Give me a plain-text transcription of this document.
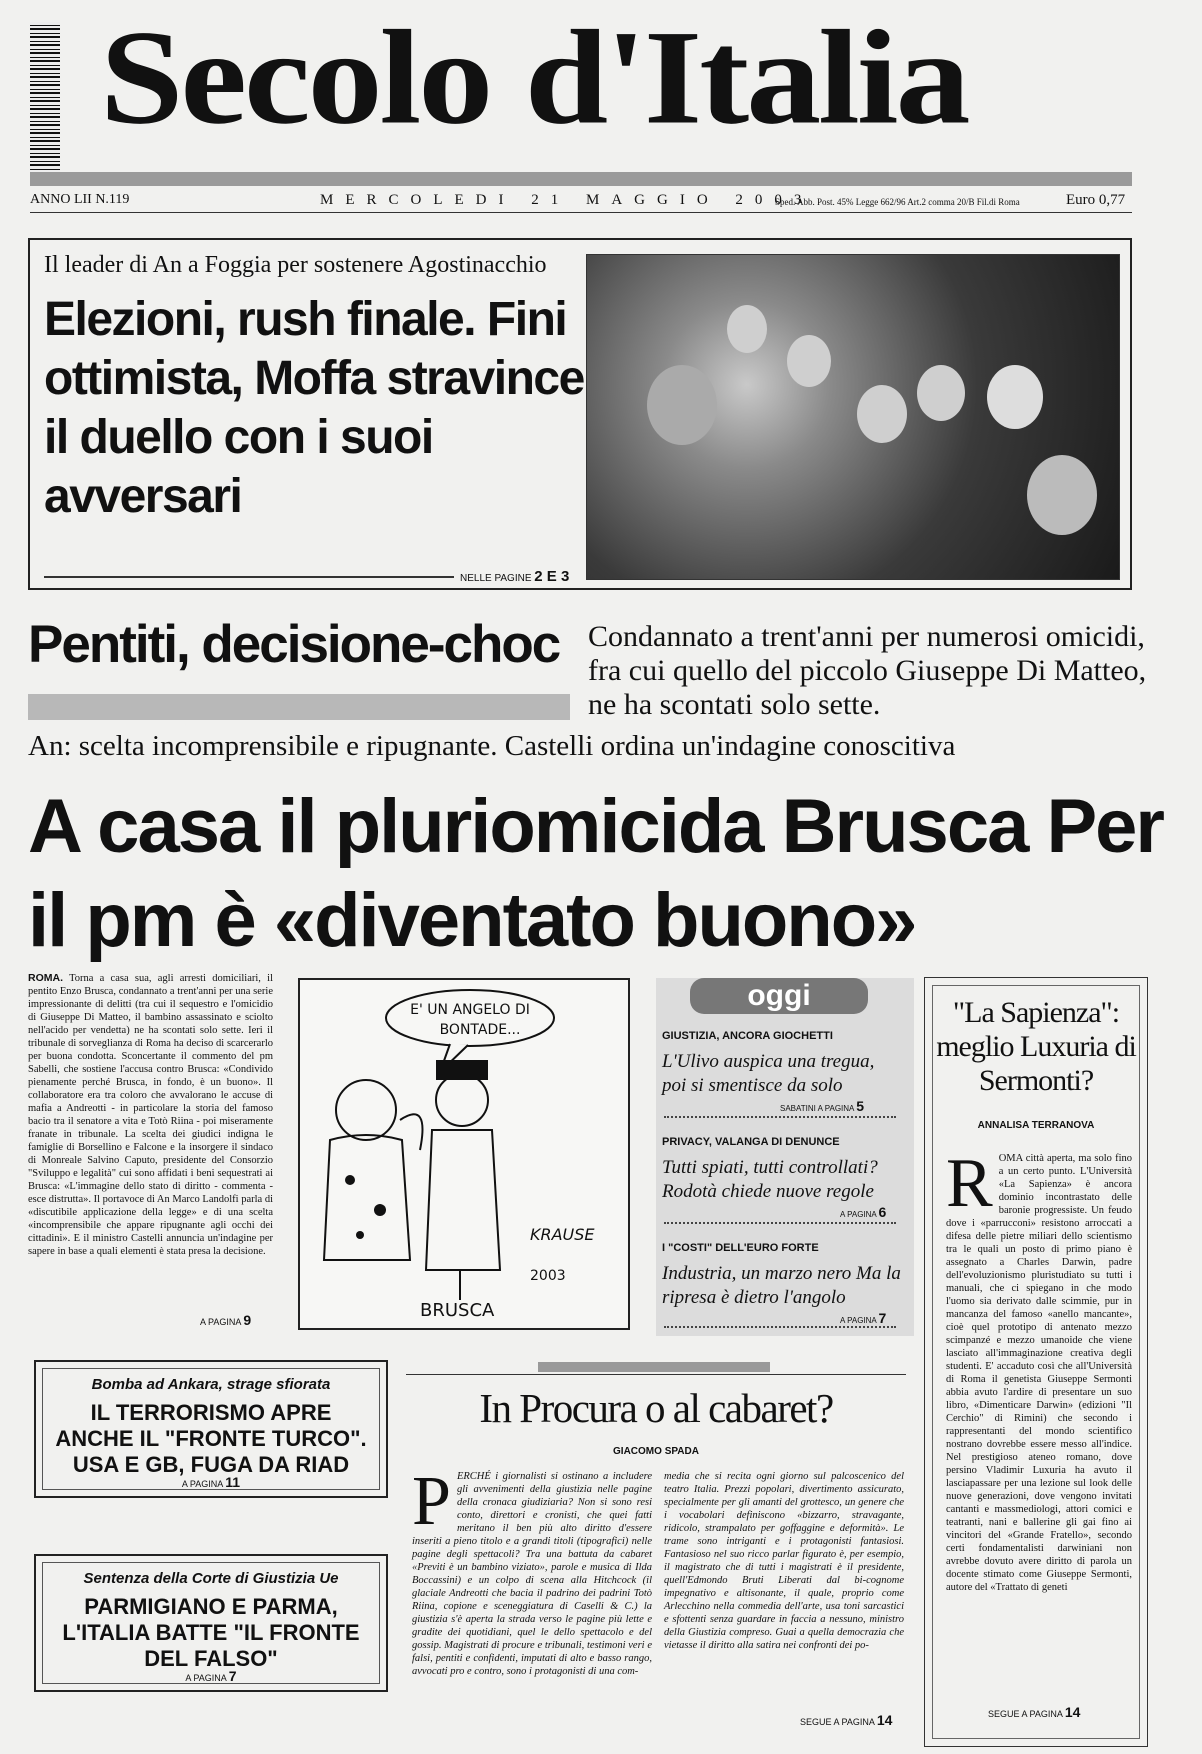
Secolo d'Italia
ANNO LII N.119	MERCOLEDI 21 MAGGIO 2003
Sped. Abb. Post. 45% Legge 662/96 Art.2 comma 20/B Fil.di Roma	Euro 0,77
Il leader di An a Foggia per sostenere Agostinacchio
Elezioni, rush finale. Fini ottimista, Moffa stravince il duello con i suoi avversari
NELLE PAGINE 2 E 3
Pentiti, decisione-choc Condannato a trent'anni per numerosi omicidi, fra cui quello del piccolo Giuseppe Di Matteo, ne ha scontati solo sette.
An: scelta incomprensibile e ripugnante. Castelli ordina un'indagine conoscitiva
A casa il pluriomicida Brusca Per il pm è «diventato buono»
ROMA. Torna a casa sua, agli arresti domiciliari, il pentito Enzo Brusca, condannato a trent'anni per una serie impressionante di delitti (tra cui il sequestro e l'omicidio di Giuseppe Di Matteo, il bambino assassinato e sciolto nell'acido per vendetta) ne ha scontati solo sette. Ieri il tribunale di sorveglianza di Roma ha deciso di scarcerarlo per buona condotta. Sconcertante il commento del pm Sabelli, che sostiene l'accusa contro Brusca: «Condivido pienamente perché Brusca, in fondo, è un buono». Il collaboratore era tra coloro che avvalorano le accuse di mafia a Andreotti - in particolare la storia del famoso bacio tra il senatore a vita e Totò Riina - poi miseramente franate in tribunale. La scelta dei giudici indigna le famiglie di Borsellino e Falcone e la insorgere il sindaco di Monreale Salvino Caputo, presidente del Consorzio "Sviluppo e legalità" cui sono affidati i beni sequestrati ai Brusca: «L'immagine dello stato di diritto - commenta - esce distrutta». Il portavoce di An Marco Landolfi parla di «discutibile applicazione della legge» e di una scelta «incomprensibile che appare ripugnante agli occhi dei cittadini». E il ministro Castelli annuncia un'indagine per sapere in base a quali elementi è stata presa la decisione.
A PAGINA 9
E' UN ANGELO DI
BONTADE...
KRAUSE
2003
BRUSCA
oggi
GIUSTIZIA, ANCORA GIOCHETTI
L'Ulivo auspica una tregua, poi si smentisce da solo
SABATINI A PAGINA 5
PRIVACY, VALANGA DI DENUNCE
Tutti spiati, tutti controllati? Rodotà chiede nuove regole
A PAGINA 6
I "COSTI" DELL'EURO FORTE
Industria, un marzo nero Ma la ripresa è dietro l'angolo
A PAGINA 7
"La Sapienza": meglio Luxuria di Sermonti?
ANNALISA TERRANOVA
ROMA città aperta, ma solo fino a un certo punto. L'Università «La Sapienza» è ancora dominio incontrastato delle baronie progressiste. Un feudo dove i «parrucconi» resistono arroccati a difesa delle pietre miliari dello scientismo tra le quali un posto di primo piano è assegnato a Charles Darwin, padre dell'evoluzionismo pluristudiato su tutti i manuali, che ci spiegano in che modo l'uomo sia derivato dalle scimmie, pur in mancanza del famoso «anello mancante», cioè quel prototipo di antenato mezzo scimpanzé e mezzo umanoide che viene lasciato all'immaginazione creativa degli studenti. E' accaduto così che all'Università di Roma il genetista Giuseppe Sermonti abbia avuto l'ardire di presentare un suo libro, «Dimenticare Darwin» (edizioni "Il Cerchio" di Rimini) che secondo i rappresentanti del mondo scientifico nostrano dovrebbe essere messo all'indice. Nel prestigioso ateneo romano, dove persino Vladimir Luxuria ha avuto il lasciapassare per una lezione sul look delle nuove generazioni, dove vengono invitati cantanti e massmediologi, attori comici e teatranti, nani e ballerine gli gai fino ai vincitori del «Grande Fratello», secondo certi fondamentalisti darwiniani non avrebbe dovuto avere diritto di parola un docente stimato come Giuseppe Sermonti, autore del «Trattato di geneti
SEGUE A PAGINA 14
Bomba ad Ankara, strage sfiorata
IL TERRORISMO APRE ANCHE IL "FRONTE TURCO". USA E GB, FUGA DA RIAD
A PAGINA 11
Sentenza della Corte di Giustizia Ue
PARMIGIANO E PARMA, L'ITALIA BATTE "IL FRONTE DEL FALSO"
A PAGINA 7
In Procura o al cabaret?
GIACOMO SPADA
PERCHÉ i giornalisti si ostinano a includere gli avvenimenti della giustizia nelle pagine della cronaca giudiziaria? Non si sono resi conto, direttori e cronisti, che quei fatti meritano il ben più alto diritto d'essere inseriti a pieno titolo e a grandi titoli (tipografici) nelle pagine degli spettacoli? Tra una battuta da cabaret «Previti è un bambino viziato», parole e musica di Ilda Boccassini) e un colpo di scena alla Hitchcock (il glaciale Andreotti che bacia il padrino dei padrini Totò Riina, copione e sceneggiatura di Caselli & C.) la giustizia s'è aperta la strada verso le pagine più lette e gradite dei quotidiani, quel le dello spettacolo e del gossip. Magistrati di procure e tribunali, testimoni veri e falsi, pentiti e confidenti, imputati di alto e basso rango, avvocati pro e contro, sono i protagonisti di una com-
media che si recita ogni giorno sul palcoscenico del teatro Italia. Prezzi popolari, divertimento assicurato, specialmente per gli amanti del grottesco, un genere che i vocabolari definiscono «bizzarro, stravagante, ridicolo, strampalato per goffaggine e deformità». Le trame sono intriganti e i protagonisti fantasiosi. Fantasioso nel suo ricco parlar figurato è, per esempio, il magistrato che di tutti i magistrati è il presidente, quell'Edmondo Bruti Liberati dal bi-cognome impegnativo e altisonante, il quale, proprio come Arlecchino nella commedia dell'arte, usa toni sarcastici e sfottenti senza guardare in faccia a nessuno, ministro della Giustizia compreso. Guai a quella democrazia che vietasse il diritto alla satira nei confronti dei po-
SEGUE A PAGINA 14
